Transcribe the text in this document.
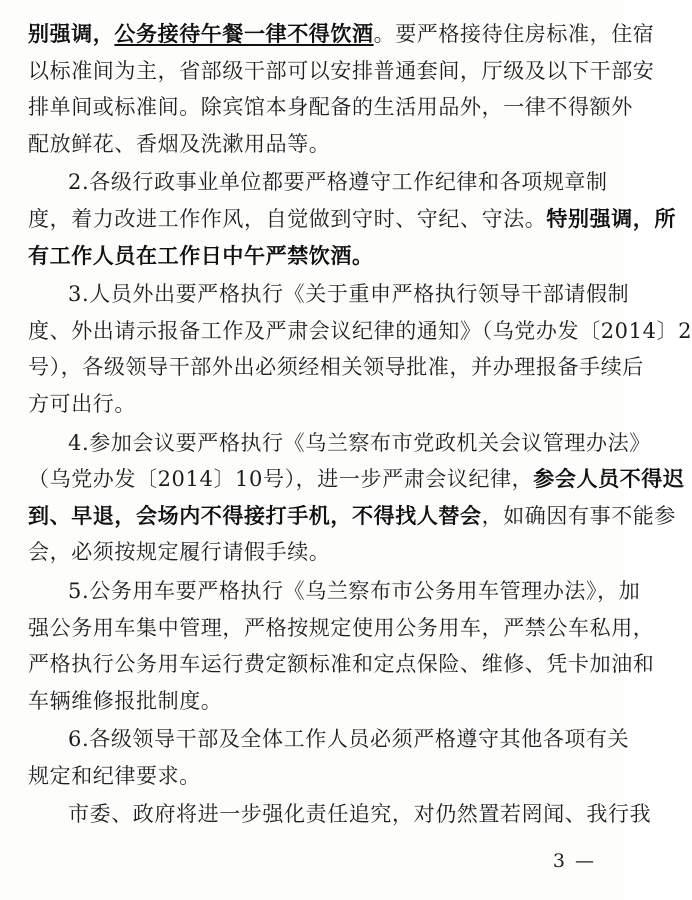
别强调，公务接待午餐一律不得饮酒。要严格接待住房标准，住宿
以标准间为主，省部级干部可以安排普通套间，厅级及以下干部安
排单间或标准间。除宾馆本身配备的生活用品外，一律不得额外
配放鲜花、香烟及洗漱用品等。
2.各级行政事业单位都要严格遵守工作纪律和各项规章制
度，着力改进工作作风，自觉做到守时、守纪、守法。特别强调，所
有工作人员在工作日中午严禁饮酒。
3.人员外出要严格执行《关于重申严格执行领导干部请假制
度、外出请示报备工作及严肃会议纪律的通知》（乌党办发〔2014〕2
号），各级领导干部外出必须经相关领导批准，并办理报备手续后
方可出行。
4.参加会议要严格执行《乌兰察布市党政机关会议管理办法》
（乌党办发〔2014〕10号），进一步严肃会议纪律，参会人员不得迟
到、早退，会场内不得接打手机，不得找人替会，如确因有事不能参
会，必须按规定履行请假手续。
5.公务用车要严格执行《乌兰察布市公务用车管理办法》，加
强公务用车集中管理，严格按规定使用公务用车，严禁公车私用，
严格执行公务用车运行费定额标准和定点保险、维修、凭卡加油和
车辆维修报批制度。
6.各级领导干部及全体工作人员必须严格遵守其他各项有关
规定和纪律要求。
市委、政府将进一步强化责任追究，对仍然置若罔闻、我行我
3 —
